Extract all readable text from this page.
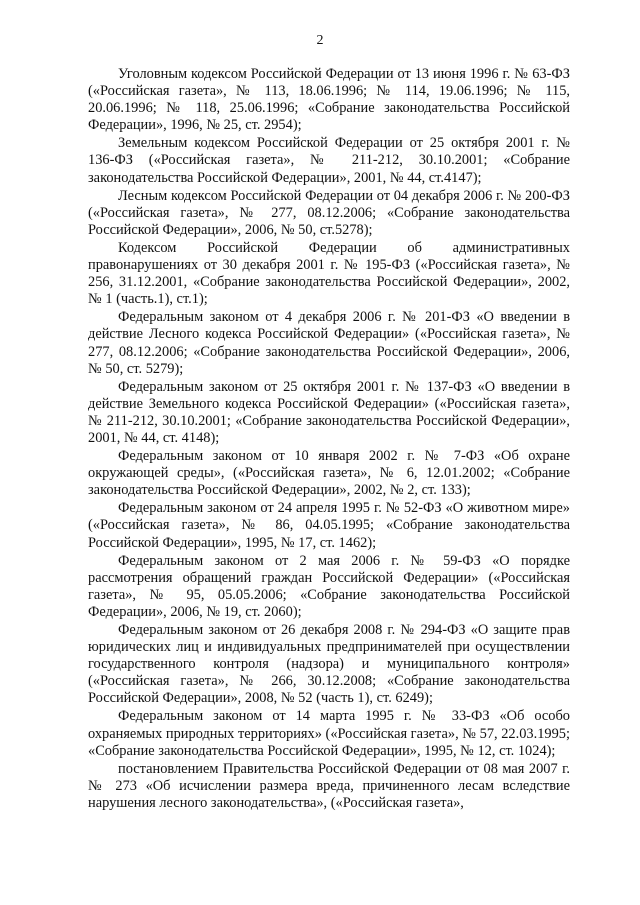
2

Уголовным кодексом Российской Федерации от 13 июня 1996 г. № 63-ФЗ («Российская газета», № 113, 18.06.1996; № 114, 19.06.1996; № 115, 20.06.1996; № 118, 25.06.1996; «Собрание законодательства Российской Федерации», 1996, № 25, ст. 2954);

Земельным кодексом Российской Федерации от 25 октября 2001 г. № 136-ФЗ («Российская газета», № 211-212, 30.10.2001; «Собрание законодательства Российской Федерации», 2001, № 44, ст.4147);

Лесным кодексом Российской Федерации от 04 декабря 2006 г. № 200-ФЗ («Российская газета», № 277, 08.12.2006; «Собрание законодательства Российской Федерации», 2006, № 50, ст.5278);

Кодексом Российской Федерации об административных правонарушениях от 30 декабря 2001 г. № 195-ФЗ («Российская газета», № 256, 31.12.2001, «Собрание законодательства Российской Федерации», 2002, № 1 (часть.1), ст.1);

Федеральным законом от 4 декабря 2006 г. № 201-ФЗ «О введении в действие Лесного кодекса Российской Федерации» («Российская газета», № 277, 08.12.2006; «Собрание законодательства Российской Федерации», 2006, № 50, ст. 5279);

Федеральным законом от 25 октября 2001 г. № 137-ФЗ «О введении в действие Земельного кодекса Российской Федерации» («Российская газета», № 211-212, 30.10.2001; «Собрание законодательства Российской Федерации», 2001, № 44, ст. 4148);

Федеральным законом от 10 января 2002 г. № 7-ФЗ «Об охране окружающей среды», («Российская газета», № 6, 12.01.2002; «Собрание законодательства Российской Федерации», 2002, № 2, ст. 133);

Федеральным законом от 24 апреля 1995 г. № 52-ФЗ «О животном мире» («Российская газета», № 86, 04.05.1995; «Собрание законодательства Российской Федерации», 1995, № 17, ст. 1462);

Федеральным законом от 2 мая 2006 г. № 59-ФЗ «О порядке рассмотрения обращений граждан Российской Федерации» («Российская газета», № 95, 05.05.2006; «Собрание законодательства Российской Федерации», 2006, № 19, ст. 2060);

Федеральным законом от 26 декабря 2008 г. № 294-ФЗ «О защите прав юридических лиц и индивидуальных предпринимателей при осуществлении государственного контроля (надзора) и муниципального контроля» («Российская газета», № 266, 30.12.2008; «Собрание законодательства Российской Федерации», 2008, № 52 (часть 1), ст. 6249);

Федеральным законом от 14 марта 1995 г. № 33-ФЗ «Об особо охраняемых природных территориях» («Российская газета», № 57, 22.03.1995; «Собрание законодательства Российской Федерации», 1995, № 12, ст. 1024);

постановлением Правительства Российской Федерации от 08 мая 2007 г. № 273 «Об исчислении размера вреда, причиненного лесам вследствие нарушения лесного законодательства», («Российская газета»,
